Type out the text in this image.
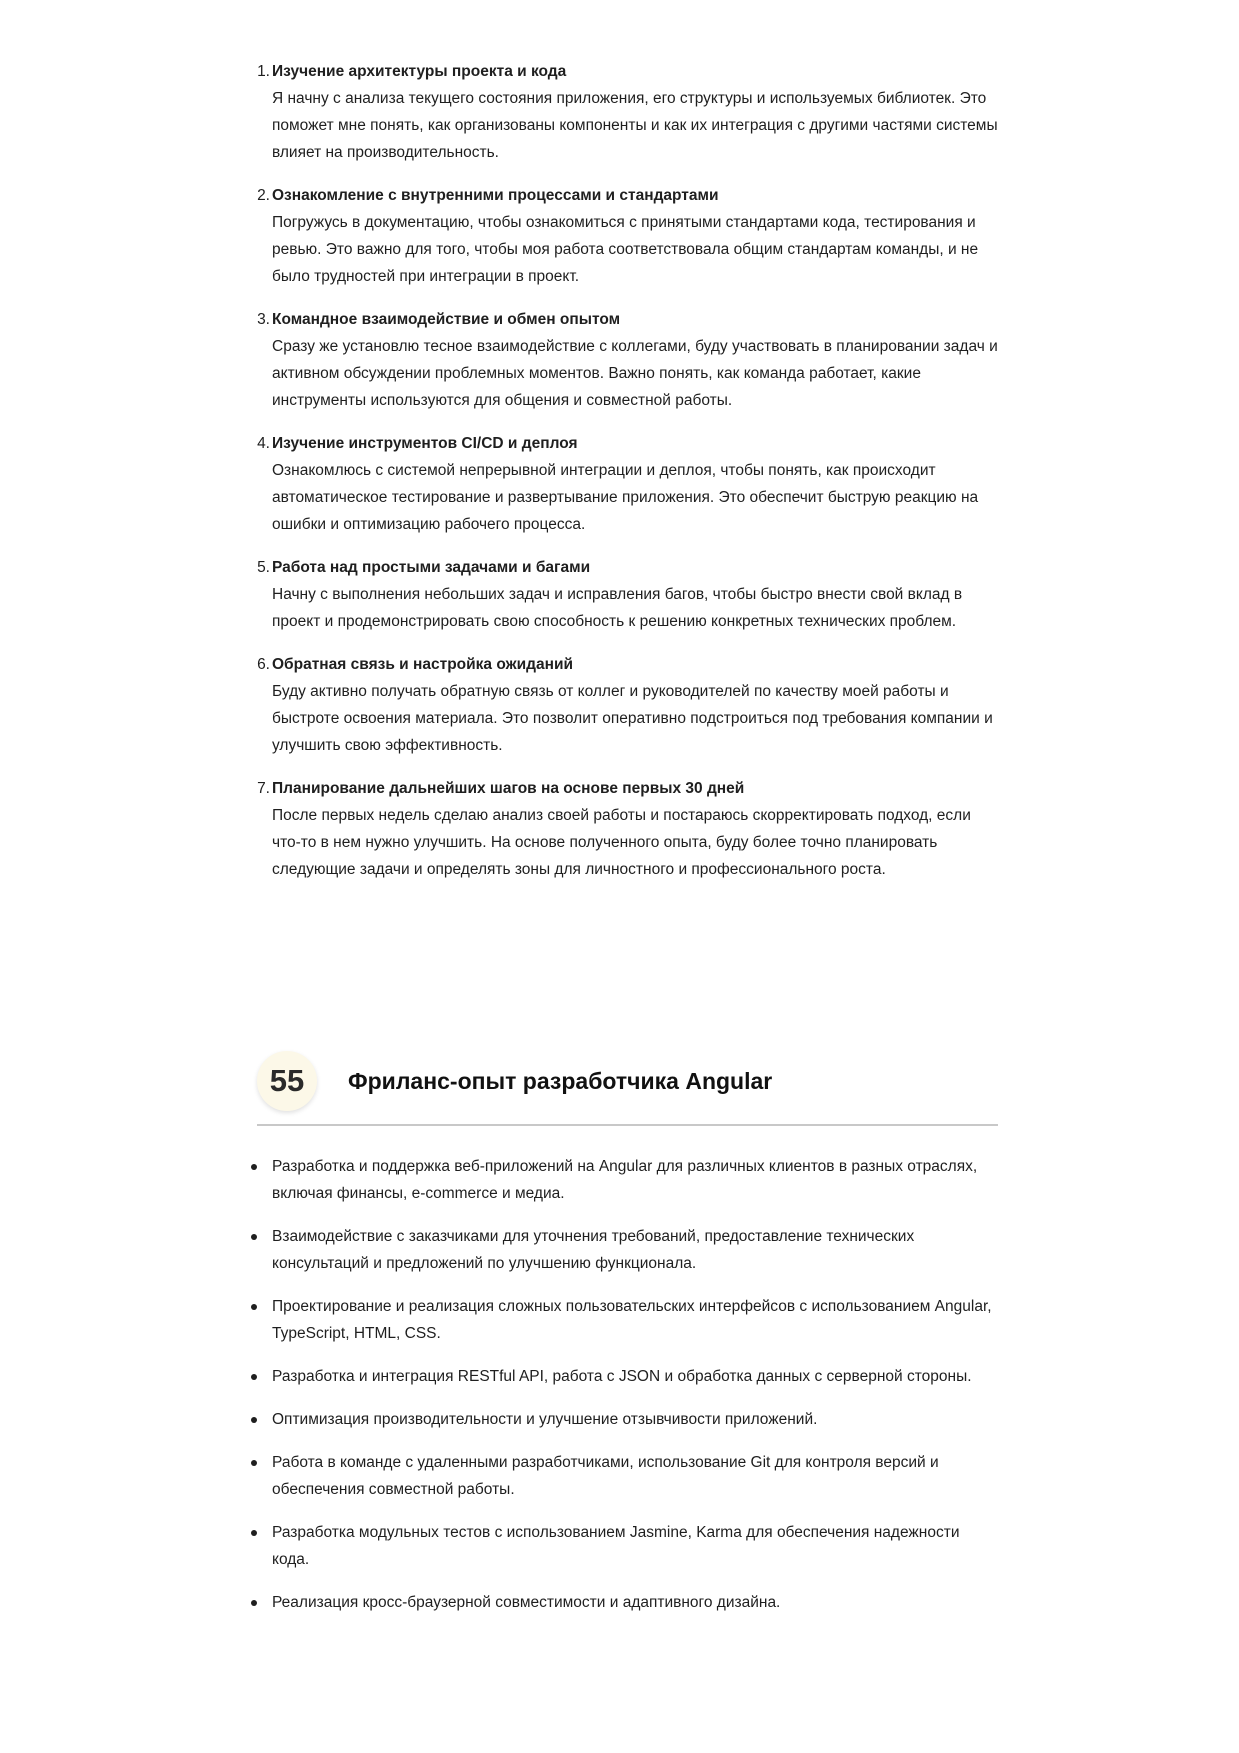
1. Изучение архитектуры проекта и кода
Я начну с анализа текущего состояния приложения, его структуры и используемых библиотек. Это поможет мне понять, как организованы компоненты и как их интеграция с другими частями системы влияет на производительность.
2. Ознакомление с внутренними процессами и стандартами
Погружусь в документацию, чтобы ознакомиться с принятыми стандартами кода, тестирования и ревью. Это важно для того, чтобы моя работа соответствовала общим стандартам команды, и не было трудностей при интеграции в проект.
3. Командное взаимодействие и обмен опытом
Сразу же установлю тесное взаимодействие с коллегами, буду участвовать в планировании задач и активном обсуждении проблемных моментов. Важно понять, как команда работает, какие инструменты используются для общения и совместной работы.
4. Изучение инструментов CI/CD и деплоя
Ознакомлюсь с системой непрерывной интеграции и деплоя, чтобы понять, как происходит автоматическое тестирование и развертывание приложения. Это обеспечит быструю реакцию на ошибки и оптимизацию рабочего процесса.
5. Работа над простыми задачами и багами
Начну с выполнения небольших задач и исправления багов, чтобы быстро внести свой вклад в проект и продемонстрировать свою способность к решению конкретных технических проблем.
6. Обратная связь и настройка ожиданий
Буду активно получать обратную связь от коллег и руководителей по качеству моей работы и быстроте освоения материала. Это позволит оперативно подстроиться под требования компании и улучшить свою эффективность.
7. Планирование дальнейших шагов на основе первых 30 дней
После первых недель сделаю анализ своей работы и постараюсь скорректировать подход, если что-то в нем нужно улучшить. На основе полученного опыта, буду более точно планировать следующие задачи и определять зоны для личностного и профессионального роста.
55	Фриланс-опыт разработчика Angular
Разработка и поддержка веб-приложений на Angular для различных клиентов в разных отраслях, включая финансы, e-commerce и медиа.
Взаимодействие с заказчиками для уточнения требований, предоставление технических консультаций и предложений по улучшению функционала.
Проектирование и реализация сложных пользовательских интерфейсов с использованием Angular, TypeScript, HTML, CSS.
Разработка и интеграция RESTful API, работа с JSON и обработка данных с серверной стороны.
Оптимизация производительности и улучшение отзывчивости приложений.
Работа в команде с удаленными разработчиками, использование Git для контроля версий и обеспечения совместной работы.
Разработка модульных тестов с использованием Jasmine, Karma для обеспечения надежности кода.
Реализация кросс-браузерной совместимости и адаптивного дизайна.
